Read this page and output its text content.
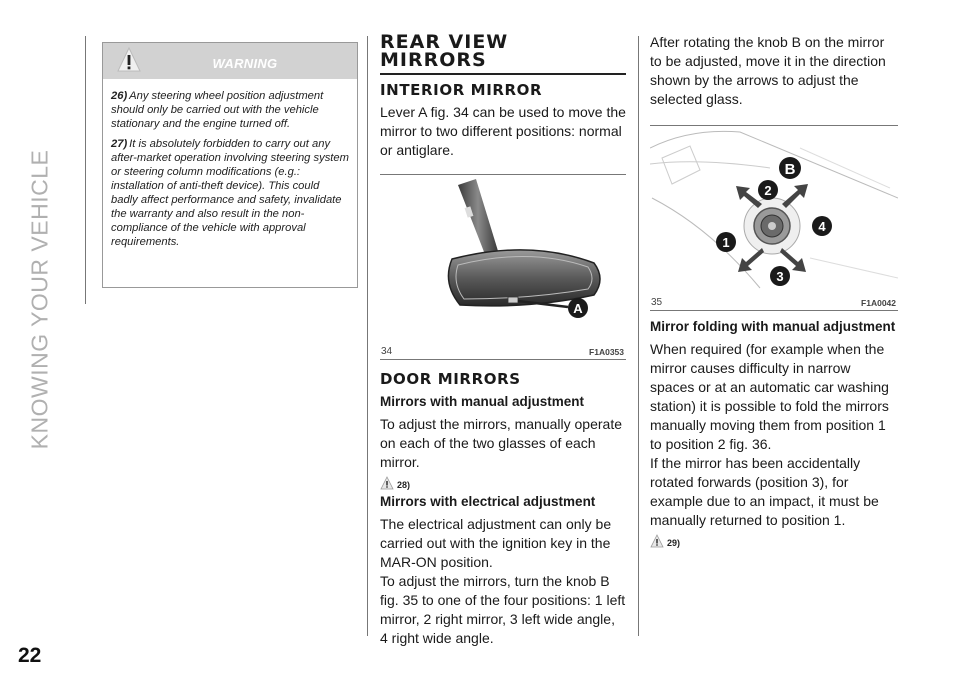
KNOWING YOUR VEHICLE
22
WARNING
26) Any steering wheel position adjustment should only be carried out with the vehicle stationary and the engine turned off.
27) It is absolutely forbidden to carry out any after-market operation involving steering system or steering column modifications (e.g.: installation of anti-theft device). This could badly affect performance and safety, invalidate the warranty and also result in the non-compliance of the vehicle with approval requirements.
REAR VIEW
MIRRORS
INTERIOR MIRROR

Lever A fig. 34 can be used to move the mirror to two different positions: normal or antiglare.

A
34	F1A0353
DOOR MIRRORS
Mirrors with manual adjustment

To adjust the mirrors, manually operate on each of the two glasses of each mirror.

28)
Mirrors with electrical adjustment

The electrical adjustment can only be carried out with the ignition key in the MAR-ON position.

To adjust the mirrors, turn the knob B fig. 35 to one of the four positions: 1 left mirror, 2 right mirror, 3 left wide angle, 4 right wide angle.

After rotating the knob B on the mirror to be adjusted, move it in the direction shown by the arrows to adjust the selected glass.

B
2
4
1
3
35	F1A0042
Mirror folding with manual adjustment

When required (for example when the mirror causes difficulty in narrow spaces or at an automatic car washing station) it is possible to fold the mirrors manually moving them from position 1 to position 2 fig. 36.

If the mirror has been accidentally rotated forwards (position 3), for example due to an impact, it must be manually returned to position 1.

29)
